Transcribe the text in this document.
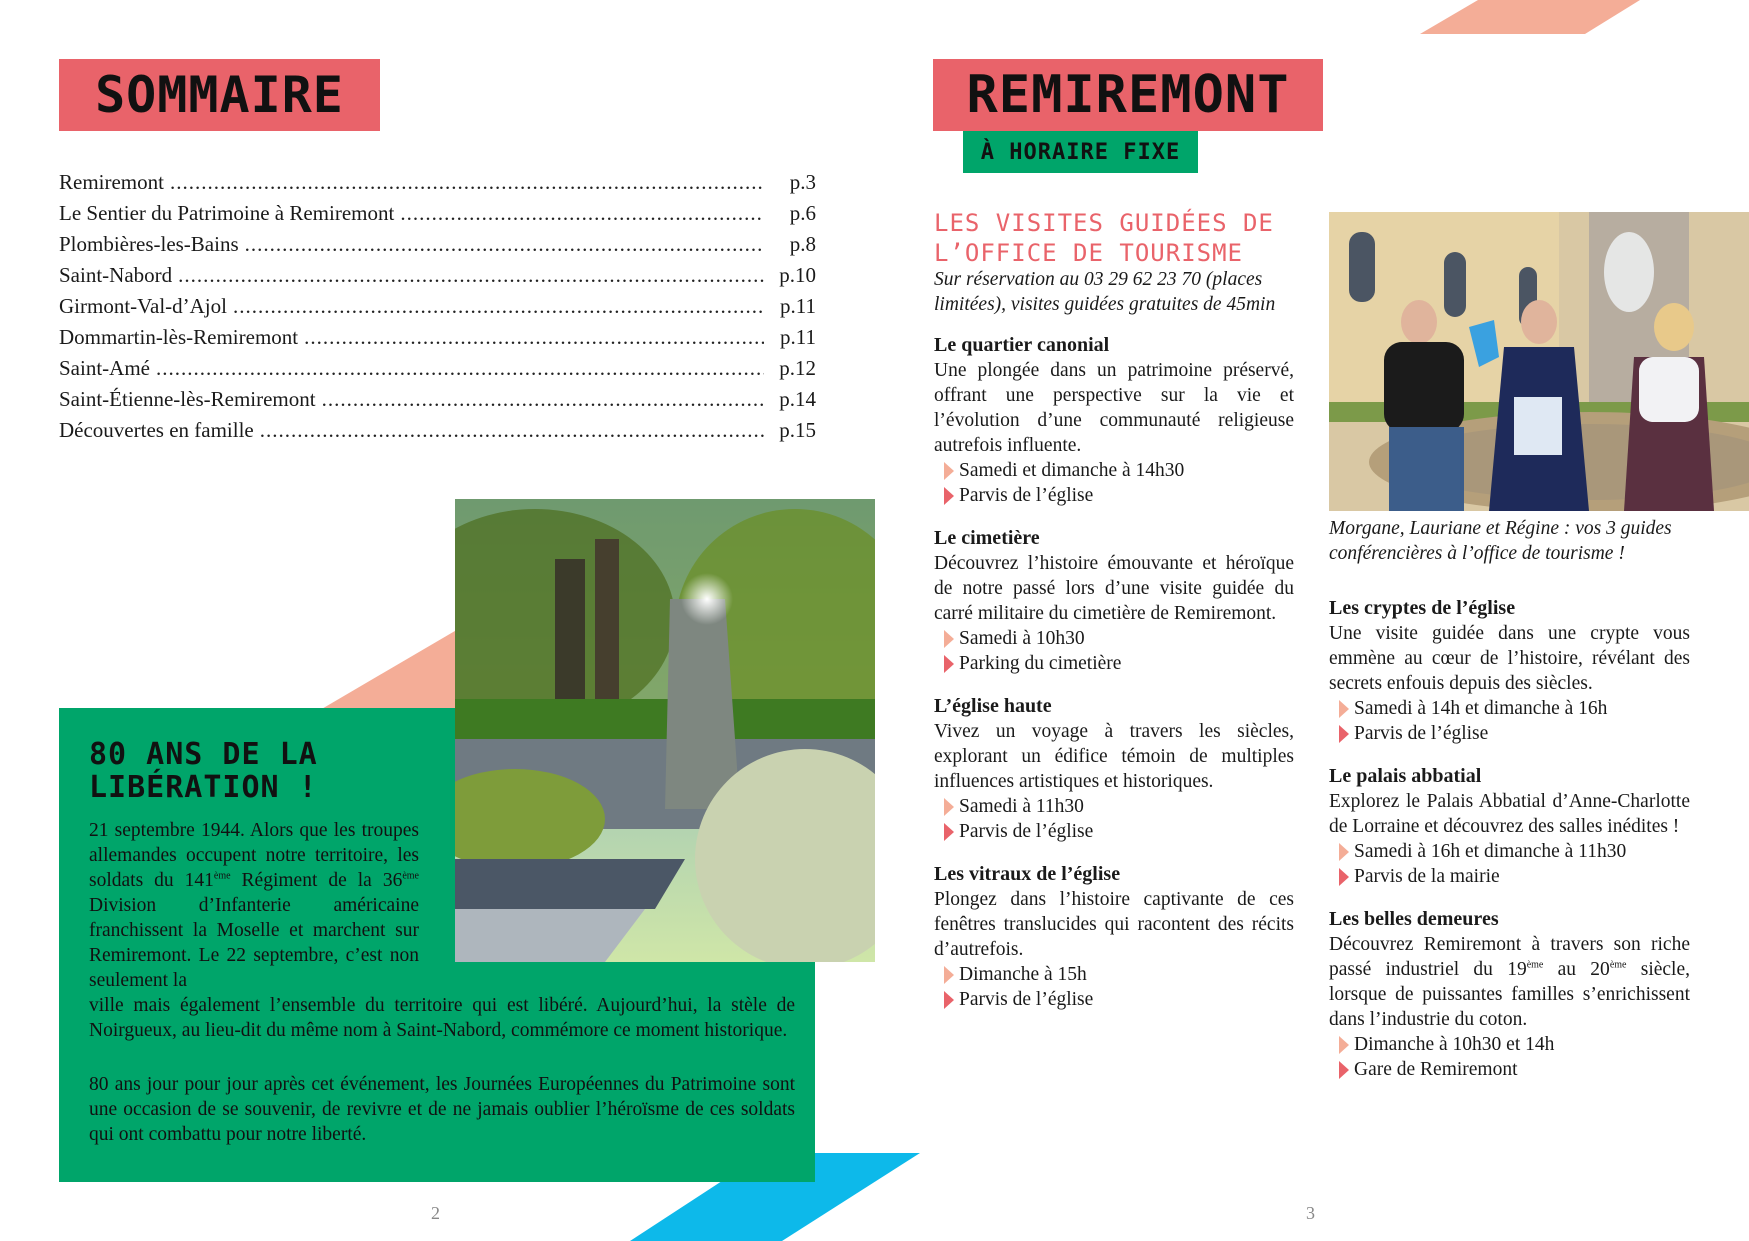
SOMMAIRE
Remiremont .....	p.3
Le Sentier du Patrimoine à Remiremont .....	p.6
Plombières-les-Bains .....	p.8
Saint-Nabord .....	p.10
Girmont-Val-d’Ajol .....	p.11
Dommartin-lès-Remiremont .....	p.11
Saint-Amé .....	p.12
Saint-Étienne-lès-Remiremont .....	p.14
Découvertes en famille .....	p.15
80 ANS DE LA LIBÉRATION !
21 septembre 1944. Alors que les troupes allemandes occupent notre territoire, les soldats du 141ème Régiment de la 36ème Division d’Infanterie américaine franchissent la Moselle et marchent sur Remiremont. Le 22 septembre, c’est non seulement la
ville mais également l’ensemble du territoire qui est libéré. Aujourd’hui, la stèle de Noirgueux, au lieu-dit du même nom à Saint-Nabord, commémore ce moment historique.
80 ans jour pour jour après cet événement, les Journées Européennes du Patrimoine sont une occasion de se souvenir, de revivre et de ne jamais oublier l’héroïsme de ces soldats qui ont combattu pour notre liberté.
2
REMIREMONT
À HORAIRE FIXE
LES VISITES GUIDÉES DE L’OFFICE DE TOURISME
Sur réservation au 03 29 62 23 70 (places limitées), visites guidées gratuites de 45min
Le quartier canonial
Une plongée dans un patrimoine préservé, offrant une perspective sur la vie et l’évolution d’une communauté religieuse autrefois influente.
Samedi et dimanche à 14h30
Parvis de l’église
Le cimetière
Découvrez l’histoire émouvante et héroïque de notre passé lors d’une visite guidée du carré militaire du cimetière de Remiremont.
Samedi à 10h30
Parking du cimetière
L’église haute
Vivez un voyage à travers les siècles, explorant un édifice témoin de multiples influences artistiques et historiques.
Samedi à 11h30
Parvis de l’église
Les vitraux de l’église
Plongez dans l’histoire captivante de ces fenêtres translucides qui racontent des récits d’autrefois.
Dimanche à 15h
Parvis de l’église
Morgane, Lauriane et Régine : vos 3 guides conférencières à l’office de tourisme !
Les cryptes de l’église
Une visite guidée dans une crypte vous emmène au cœur de l’histoire, révélant des secrets enfouis depuis des siècles.
Samedi à 14h et dimanche à 16h
Parvis de l’église
Le palais abbatial
Explorez le Palais Abbatial d’Anne-Charlotte de Lorraine et découvrez des salles inédites !
Samedi à 16h et dimanche à 11h30
Parvis de la mairie
Les belles demeures
Découvrez Remiremont à travers son riche passé industriel du 19ème au 20ème siècle, lorsque de puissantes familles s’enrichissent dans l’industrie du coton.
Dimanche à 10h30 et 14h
Gare de Remiremont
3
